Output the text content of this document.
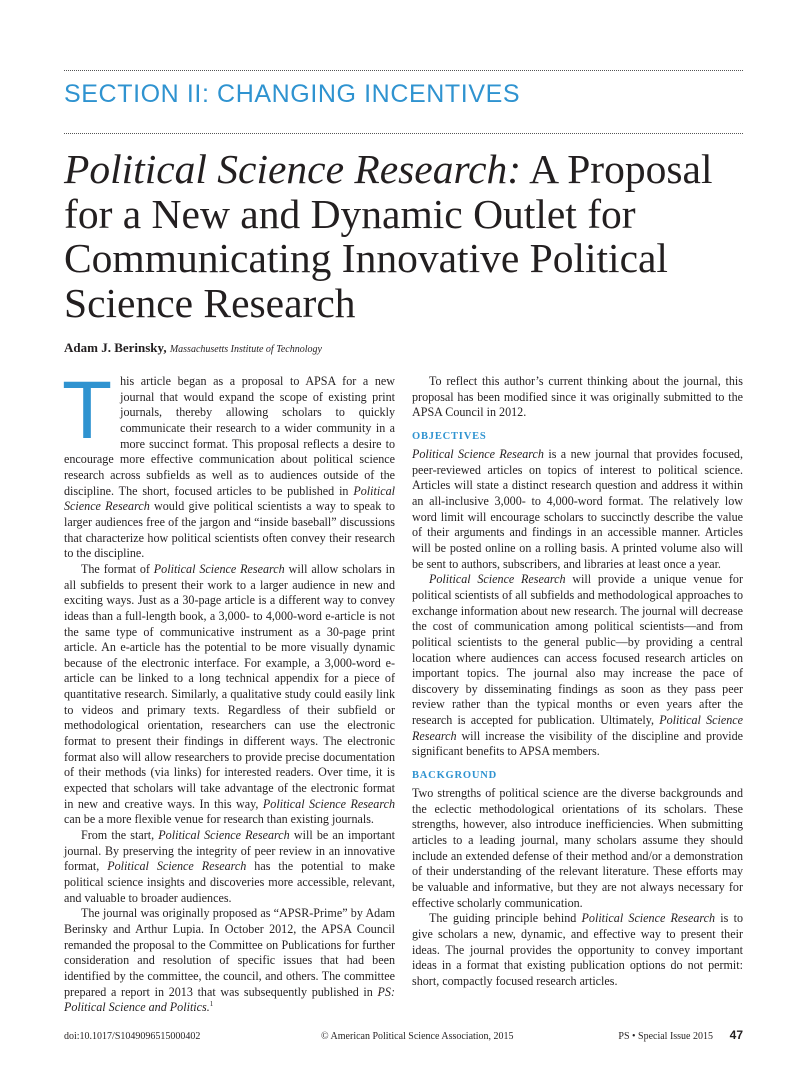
SECTION II: CHANGING INCENTIVES
Political Science Research: A Proposal for a New and Dynamic Outlet for Communicating Innovative Political Science Research
Adam J. Berinsky, Massachusetts Institute of Technology

This article began as a proposal to APSA for a new journal that would expand the scope of existing print journals, thereby allowing scholars to quickly communicate their research to a wider community in a more succinct format. This proposal reflects a desire to encourage more effective communication about political science research across subfields as well as to audiences outside of the discipline. The short, focused articles to be published in Political Science Research would give political scientists a way to speak to larger audiences free of the jargon and “inside baseball” discussions that characterize how political scientists often convey their research to the discipline.

The format of Political Science Research will allow scholars in all subfields to present their work to a larger audience in new and exciting ways. Just as a 30-page article is a different way to convey ideas than a full-length book, a 3,000- to 4,000-word e-article is not the same type of communicative instrument as a 30-page print article. An e-article has the potential to be more visually dynamic because of the electronic interface. For example, a 3,000-word e-article can be linked to a long technical appendix for a piece of quantitative research. Similarly, a qualitative study could easily link to videos and primary texts. Regardless of their subfield or methodological orientation, researchers can use the electronic format to present their findings in different ways. The electronic format also will allow researchers to provide precise documentation of their methods (via links) for interested readers. Over time, it is expected that scholars will take advantage of the electronic format in new and creative ways. In this way, Political Science Research can be a more flexible venue for research than existing journals.

From the start, Political Science Research will be an important journal. By preserving the integrity of peer review in an innovative format, Political Science Research has the potential to make political science insights and discoveries more accessible, relevant, and valuable to broader audiences.

The journal was originally proposed as “APSR-Prime” by Adam Berinsky and Arthur Lupia. In October 2012, the APSA Council remanded the proposal to the Committee on Publications for further consideration and resolution of specific issues that had been identified by the committee, the council, and others. The committee prepared a report in 2013 that was subsequently published in PS: Political Science and Politics.$^1$

To reflect this author’s current thinking about the journal, this proposal has been modified since it was originally submitted to the APSA Council in 2012.

OBJECTIVES

Political Science Research is a new journal that provides focused, peer-reviewed articles on topics of interest to political science. Articles will state a distinct research question and address it within an all-inclusive 3,000- to 4,000-word format. The relatively low word limit will encourage scholars to succinctly describe the value of their arguments and findings in an accessible manner. Articles will be posted online on a rolling basis. A printed volume also will be sent to authors, subscribers, and libraries at least once a year.

Political Science Research will provide a unique venue for political scientists of all subfields and methodological approaches to exchange information about new research. The journal will decrease the cost of communication among political scientists—and from political scientists to the general public—by providing a central location where audiences can access focused research articles on important topics. The journal also may increase the pace of discovery by disseminating findings as soon as they pass peer review rather than the typical months or even years after the research is accepted for publication. Ultimately, Political Science Research will increase the visibility of the discipline and provide significant benefits to APSA members.

BACKGROUND

Two strengths of political science are the diverse backgrounds and the eclectic methodological orientations of its scholars. These strengths, however, also introduce inefficiencies. When submitting articles to a leading journal, many scholars assume they should include an extended defense of their method and/or a demonstration of their understanding of the relevant literature. These efforts may be valuable and informative, but they are not always necessary for effective scholarly communication.

The guiding principle behind Political Science Research is to give scholars a new, dynamic, and effective way to present their ideas. The journal provides the opportunity to convey important ideas in a format that existing publication options do not permit: short, compactly focused research articles.

doi:10.1017/S1049096515000402	© American Political Science Association, 2015	PS • Special Issue 2015 47
